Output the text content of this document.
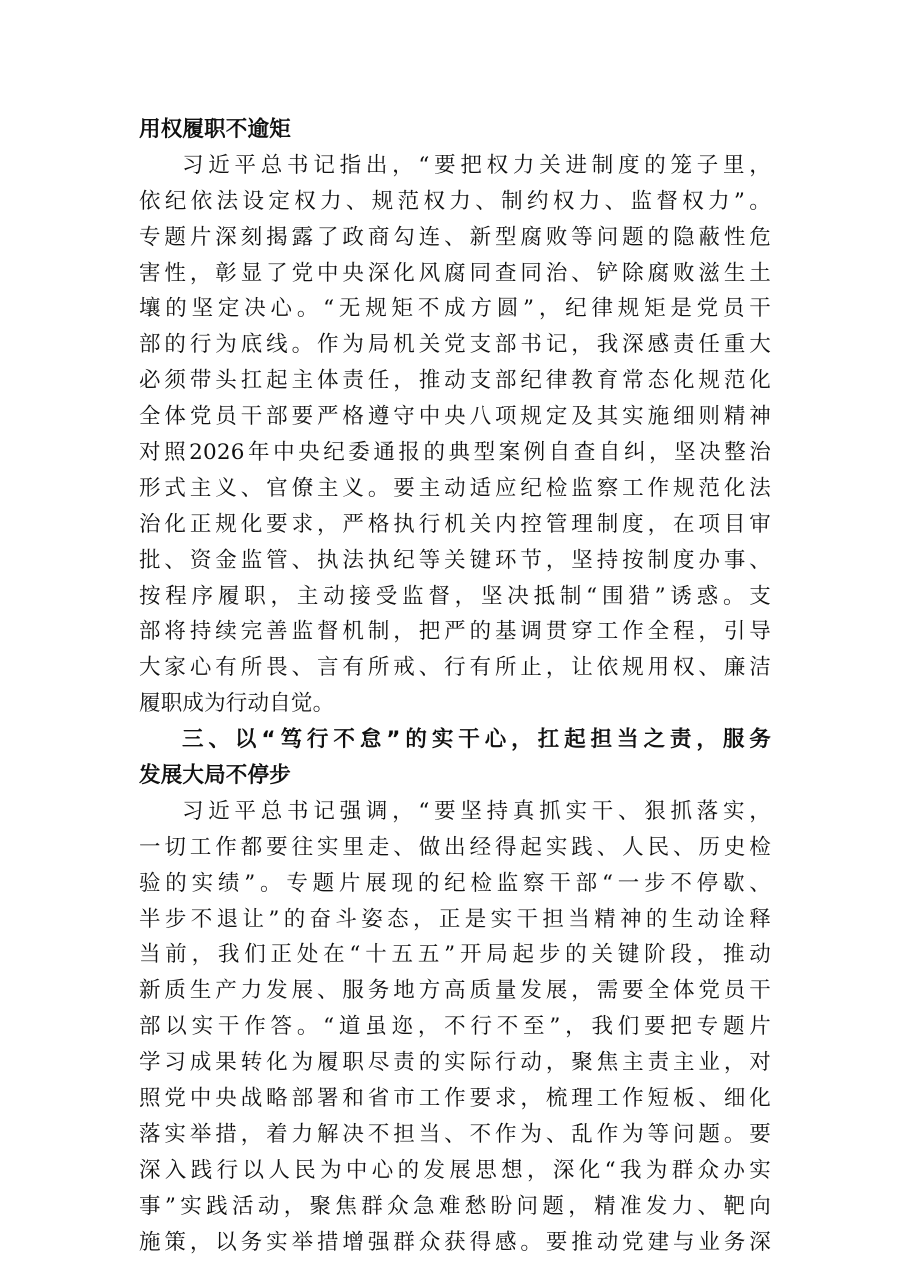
用权履职不逾矩
习近平总书记指出，“要把权力关进制度的笼子里，
依纪依法设定权力、规范权力、制约权力、监督权力”。
专题片深刻揭露了政商勾连、新型腐败等问题的隐蔽性危
害性，彰显了党中央深化风腐同查同治、铲除腐败滋生土
壤的坚定决心。“无规矩不成方圆”，纪律规矩是党员干
部的行为底线。作为局机关党支部书记，我深感责任重大
必须带头扛起主体责任，推动支部纪律教育常态化规范化
全体党员干部要严格遵守中央八项规定及其实施细则精神
对照2026年中央纪委通报的典型案例自查自纠，坚决整治
形式主义、官僚主义。要主动适应纪检监察工作规范化法
治化正规化要求，严格执行机关内控管理制度，在项目审
批、资金监管、执法执纪等关键环节，坚持按制度办事、
按程序履职，主动接受监督，坚决抵制“围猎”诱惑。支
部将持续完善监督机制，把严的基调贯穿工作全程，引导
大家心有所畏、言有所戒、行有所止，让依规用权、廉洁
履职成为行动自觉。
三、以“笃行不怠”的实干心，扛起担当之责，服务
发展大局不停步
习近平总书记强调，“要坚持真抓实干、狠抓落实，
一切工作都要往实里走、做出经得起实践、人民、历史检
验的实绩”。专题片展现的纪检监察干部“一步不停歇、
半步不退让”的奋斗姿态，正是实干担当精神的生动诠释
当前，我们正处在“十五五”开局起步的关键阶段，推动
新质生产力发展、服务地方高质量发展，需要全体党员干
部以实干作答。“道虽迩，不行不至”，我们要把专题片
学习成果转化为履职尽责的实际行动，聚焦主责主业，对
照党中央战略部署和省市工作要求，梳理工作短板、细化
落实举措，着力解决不担当、不作为、乱作为等问题。要
深入践行以人民为中心的发展思想，深化“我为群众办实
事”实践活动，聚焦群众急难愁盼问题，精准发力、靶向
施策，以务实举措增强群众获得感。要推动党建与业务深
